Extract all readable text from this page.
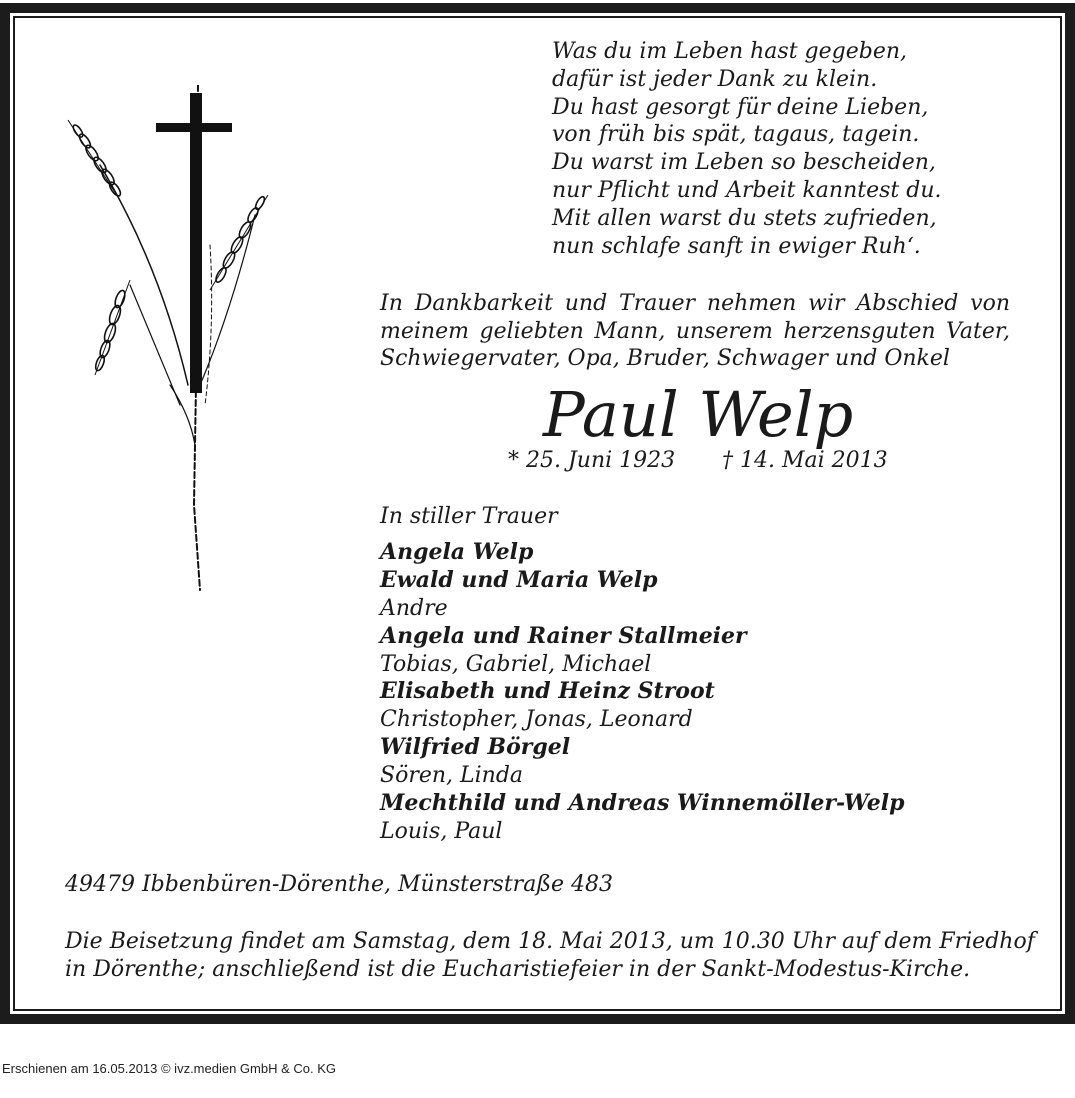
Was du im Leben hast gegeben,
dafür ist jeder Dank zu klein.
Du hast gesorgt für deine Lieben,
von früh bis spät, tagaus, tagein.
Du warst im Leben so bescheiden,
nur Pflicht und Arbeit kanntest du.
Mit allen warst du stets zufrieden,
nun schlafe sanft in ewiger Ruh‘.
In Dankbarkeit und Trauer nehmen wir Abschied von
meinem geliebten Mann, unserem herzensguten Vater,
Schwiegervater, Opa, Bruder, Schwager und Onkel
Paul Welp
* 25. Juni 1923 † 14. Mai 2013
In stiller Trauer
Angela Welp
Ewald und Maria Welp
Andre
Angela und Rainer Stallmeier
Tobias, Gabriel, Michael
Elisabeth und Heinz Stroot
Christopher, Jonas, Leonard
Wilfried Börgel
Sören, Linda
Mechthild und Andreas Winnemöller-Welp
Louis, Paul
49479 Ibbenbüren-Dörenthe, Münsterstraße 483
Die Beisetzung findet am Samstag, dem 18. Mai 2013, um 10.30 Uhr auf dem Friedhof
in Dörenthe; anschließend ist die Eucharistiefeier in der Sankt-Modestus-Kirche.
Erschienen am 16.05.2013 © ivz.medien GmbH & Co. KG
